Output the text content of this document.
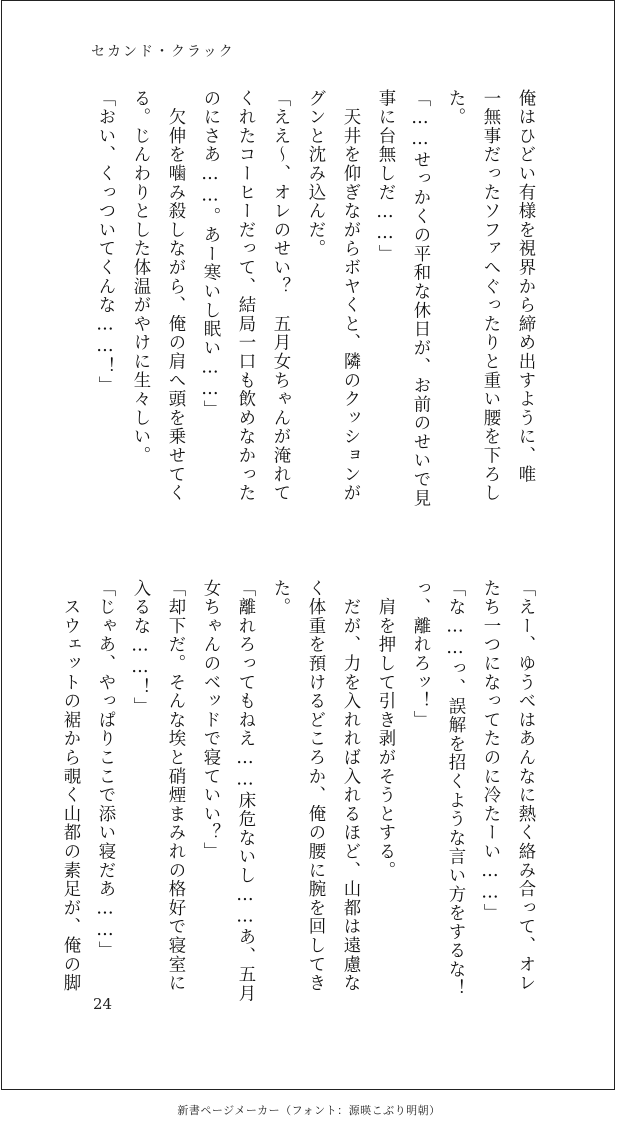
セカンド・クラック
俺はひどい有様を視界から締め出すように、唯
一無事だったソファへぐったりと重い腰を下ろし
た。
「……せっかくの平和な休日が、お前のせいで見
事に台無しだ……」
　天井を仰ぎながらボヤくと、隣のクッションが
グンと沈み込んだ。
「ええ～、オレのせい？　五月女ちゃんが淹れて
くれたコーヒーだって、結局一口も飲めなかった
のにさあ……。あー寒いし眠い……」
　欠伸を噛み殺しながら、俺の肩へ頭を乗せてく
る。じんわりとした体温がやけに生々しい。
「おい、くっついてくんな……！」
「えー、ゆうべはあんなに熱く絡み合って、オレ
たち一つになってたのに冷たーい……」
「な……っ、誤解を招くような言い方をするな！
っ、離れろッ！」
　肩を押して引き剥がそうとする。
　だが、力を入れれば入れるほど、山都は遠慮な
く体重を預けるどころか、俺の腰に腕を回してき
た。
「離れろってもねえ……床危ないし……あ、五月
女ちゃんのベッドで寝ていい？」
「却下だ。そんな埃と硝煙まみれの格好で寝室に
入るな……！」
「じゃあ、やっぱりここで添い寝だあ……」
　スウェットの裾から覗く山都の素足が、俺の脚
24
新書ページメーカー（フォント：源暎こぶり明朝）
